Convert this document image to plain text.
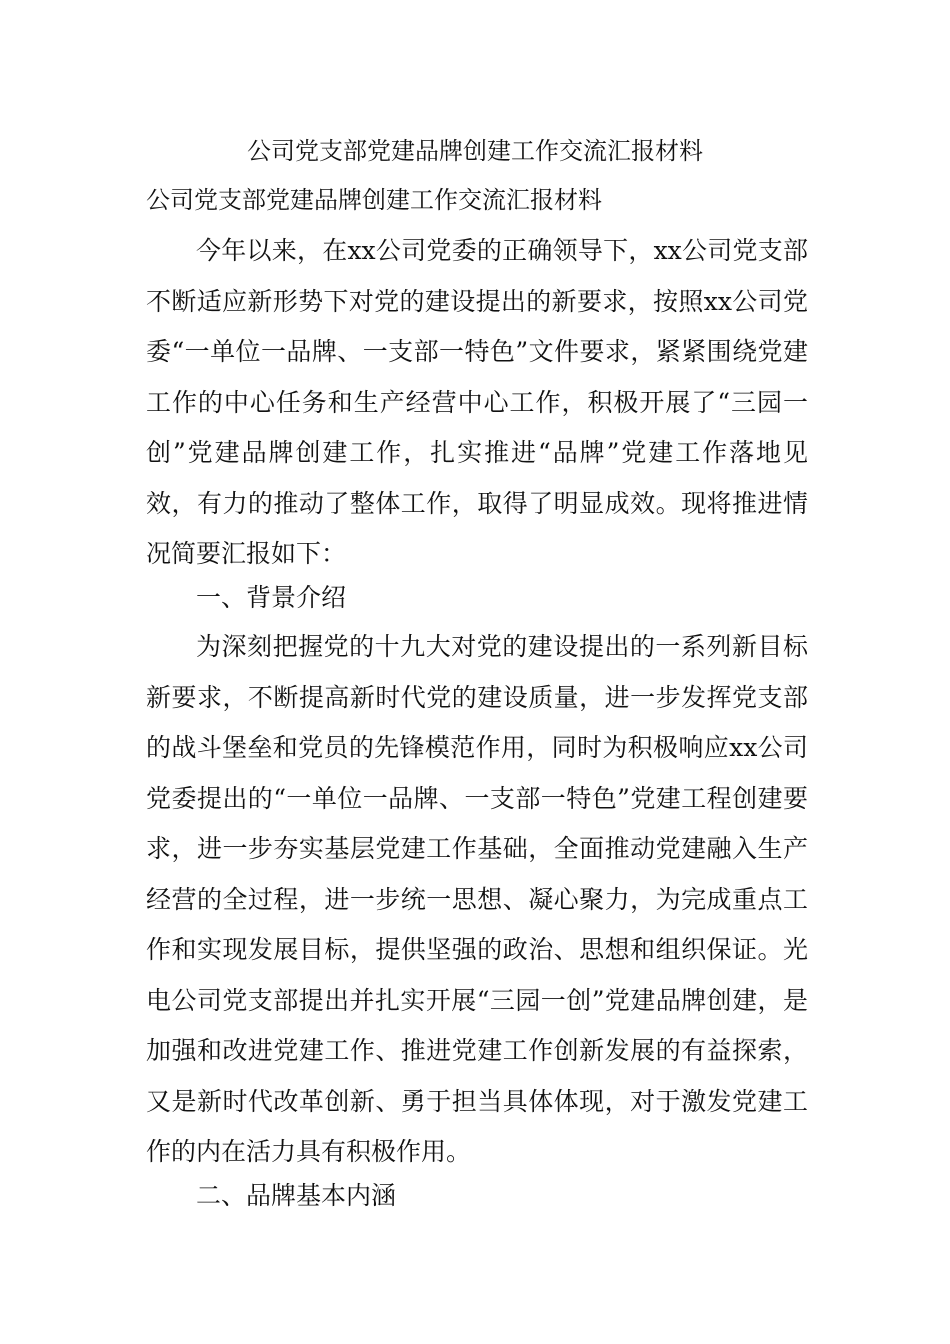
公司党支部党建品牌创建工作交流汇报材料
公司党支部党建品牌创建工作交流汇报材料

今年以来，在xx公司党委的正确领导下，xx公司党支部不断适应新形势下对党的建设提出的新要求，按照xx公司党委“一单位一品牌、一支部一特色”文件要求，紧紧围绕党建工作的中心任务和生产经营中心工作，积极开展了“三园一创”党建品牌创建工作，扎实推进“品牌”党建工作落地见效，有力的推动了整体工作，取得了明显成效。现将推进情况简要汇报如下：

一、背景介绍

为深刻把握党的十九大对党的建设提出的一系列新目标新要求，不断提高新时代党的建设质量，进一步发挥党支部的战斗堡垒和党员的先锋模范作用，同时为积极响应xx公司党委提出的“一单位一品牌、一支部一特色”党建工程创建要求，进一步夯实基层党建工作基础，全面推动党建融入生产经营的全过程，进一步统一思想、凝心聚力，为完成重点工作和实现发展目标，提供坚强的政治、思想和组织保证。光电公司党支部提出并扎实开展“三园一创”党建品牌创建，是加强和改进党建工作、推进党建工作创新发展的有益探索，又是新时代改革创新、勇于担当具体体现，对于激发党建工作的内在活力具有积极作用。

二、品牌基本内涵
